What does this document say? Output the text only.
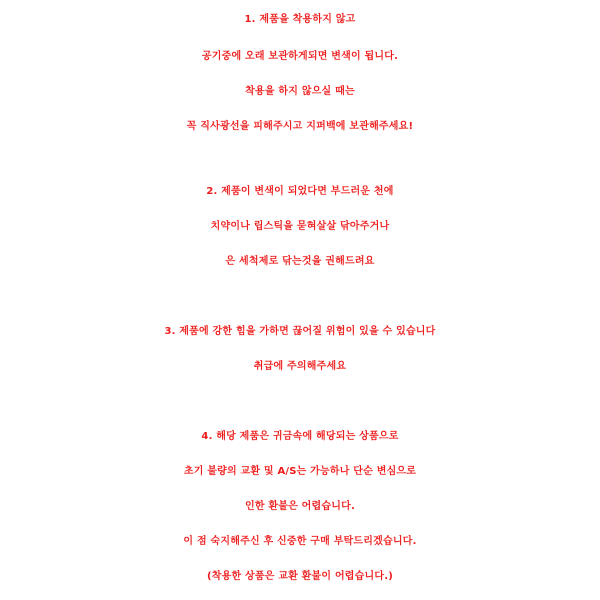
1. 제품을 착용하지 않고
공기중에 오래 보관하게되면 변색이 됩니다.
착용을 하지 않으실 때는
꼭 직사광선을 피해주시고 지퍼백에 보관해주세요!
2. 제품이 변색이 되었다면 부드러운 천에
치약이나 립스틱을 묻혀살살 닦아주거나
은 세척제로 닦는것을 권해드려요
3. 제품에 강한 힘을 가하면 끊어질 위험이 있을 수 있습니다
취급에 주의해주세요
4. 해당 제품은 귀금속에 해당되는 상품으로
초기 불량의 교환 및 A/S는 가능하나 단순 변심으로
인한 환불은 어렵습니다.
이 점 숙지해주신 후 신중한 구매 부탁드리겠습니다.
(착용한 상품은 교환 환불이 어렵습니다.)
